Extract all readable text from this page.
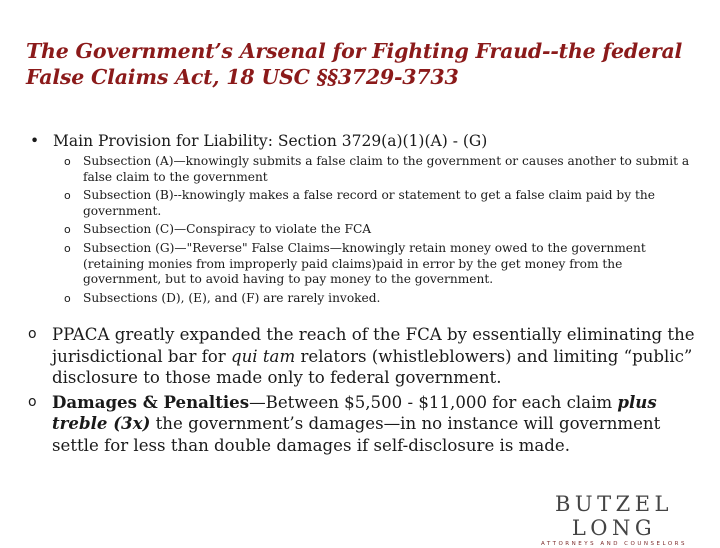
The Government’s Arsenal for Fighting Fraud--the federal False Claims Act, 18 USC §§3729-3733
• Main Provision for Liability: Section 3729(a)(1)(A) - (G)
o Subsection (A)—knowingly submits a false claim to the government or causes another to submit a false claim to the government
o Subsection (B)--knowingly makes a false record or statement to get a false claim paid by the government.
o Subsection (C)—Conspiracy to violate the FCA
o Subsection (G)—"Reverse" False Claims—knowingly retain money owed to the government (retaining monies from improperly paid claims)paid in error by the get money from the government, but to avoid having to pay money to the government.
o Subsections (D), (E), and (F) are rarely invoked.
o PPACA greatly expanded the reach of the FCA by essentially eliminating the jurisdictional bar for qui tam relators (whistleblowers) and limiting “public” disclosure to those made only to federal government.
o Damages & Penalties—Between $5,500 - $11,000 for each claim plus treble (3x) the government’s damages—in no instance will government settle for less than double damages if self-disclosure is made.
BUTZEL LONG
ATTORNEYS AND COUNSELORS
